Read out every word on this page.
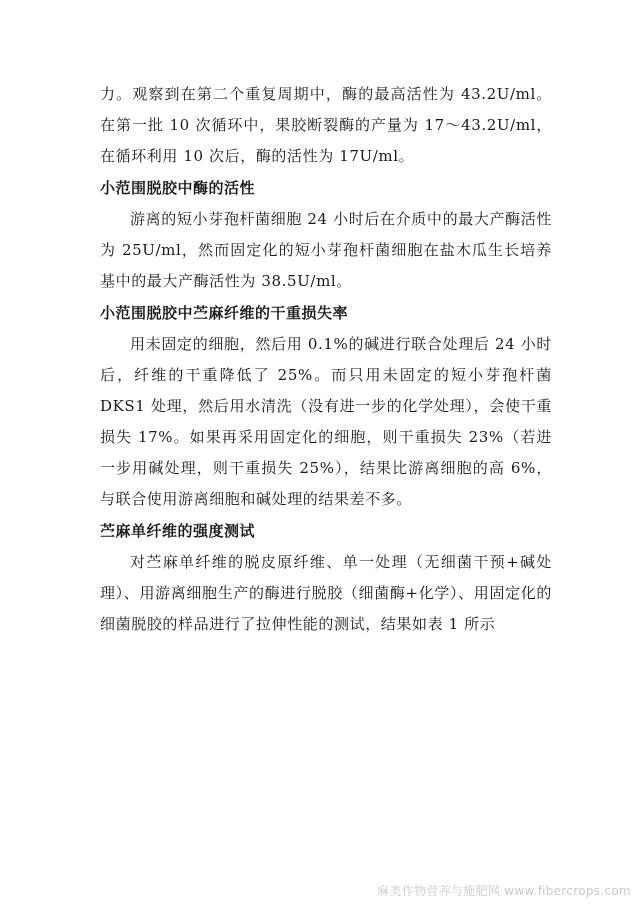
力。观察到在第二个重复周期中，酶的最高活性为 43.2U/ml。在第一批 10 次循环中，果胶断裂酶的产量为 17～43.2U/ml，在循环利用 10 次后，酶的活性为 17U/ml。

小范围脱胶中酶的活性

游离的短小芽孢杆菌细胞 24 小时后在介质中的最大产酶活性为 25U/ml，然而固定化的短小芽孢杆菌细胞在盐木瓜生长培养基中的最大产酶活性为 38.5U/ml。

小范围脱胶中苎麻纤维的干重损失率

用未固定的细胞，然后用 0.1%的碱进行联合处理后 24 小时后，纤维的干重降低了 25%。而只用未固定的短小芽孢杆菌 DKS1 处理，然后用水清洗（没有进一步的化学处理），会使干重损失 17%。如果再采用固定化的细胞，则干重损失 23%（若进一步用碱处理，则干重损失 25%），结果比游离细胞的高 6%，与联合使用游离细胞和碱处理的结果差不多。

苎麻单纤维的强度测试

对苎麻单纤维的脱皮原纤维、单一处理（无细菌干预+碱处理）、用游离细胞生产的酶进行脱胶（细菌酶+化学）、用固定化的细菌脱胶的样品进行了拉伸性能的测试，结果如表 1 所示

麻类作物营养与施肥网 www.fibercrops.com
